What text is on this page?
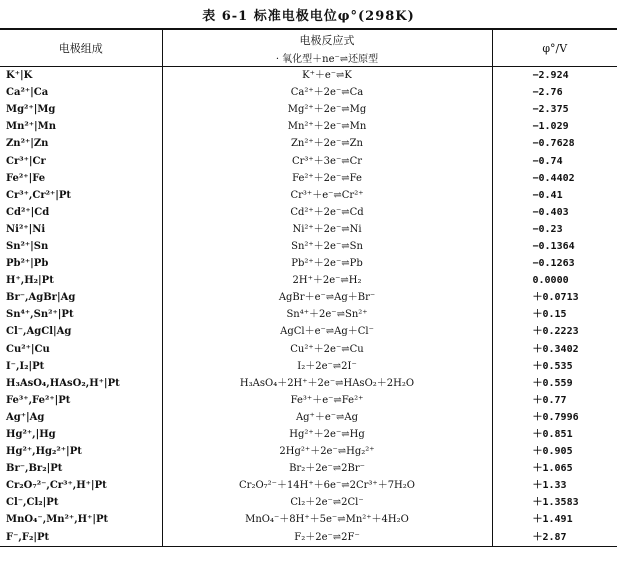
表 6-1 标准电极电位φ°(298K)
电极组成	电极反应式
· 氧化型＋ne⁻⇌还原型	φ°/V
K⁺|K	K⁺＋e⁻⇌K	−2.924
Ca²⁺|Ca	Ca²⁺＋2e⁻⇌Ca	−2.76
Mg²⁺|Mg	Mg²⁺＋2e⁻⇌Mg	−2.375
Mn²⁺|Mn	Mn²⁺＋2e⁻⇌Mn	−1.029
Zn²⁺|Zn	Zn²⁺＋2e⁻⇌Zn	−0.7628
Cr³⁺|Cr	Cr³⁺＋3e⁻⇌Cr	−0.74
Fe²⁺|Fe	Fe²⁺＋2e⁻⇌Fe	−0.4402
Cr³⁺,Cr²⁺|Pt	Cr³⁺＋e⁻⇌Cr²⁺	−0.41
Cd²⁺|Cd	Cd²⁺＋2e⁻⇌Cd	−0.403
Ni²⁺|Ni	Ni²⁺＋2e⁻⇌Ni	−0.23
Sn²⁺|Sn	Sn²⁺＋2e⁻⇌Sn	−0.1364
Pb²⁺|Pb	Pb²⁺＋2e⁻⇌Pb	−0.1263
H⁺,H₂|Pt	2H⁺＋2e⁻⇌H₂	0.0000
Br⁻,AgBr|Ag	AgBr＋e⁻⇌Ag＋Br⁻	＋0.0713
Sn⁴⁺,Sn²⁺|Pt	Sn⁴⁺＋2e⁻⇌Sn²⁺	＋0.15
Cl⁻,AgCl|Ag	AgCl＋e⁻⇌Ag＋Cl⁻	＋0.2223
Cu²⁺|Cu	Cu²⁺＋2e⁻⇌Cu	＋0.3402
I⁻,I₂|Pt	I₂＋2e⁻⇌2I⁻	＋0.535
H₃AsO₄,HAsO₂,H⁺|Pt	H₃AsO₄＋2H⁺＋2e⁻⇌HAsO₂＋2H₂O	＋0.559
Fe³⁺,Fe²⁺|Pt	Fe³⁺＋e⁻⇌Fe²⁺	＋0.77
Ag⁺|Ag	Ag⁺＋e⁻⇌Ag	＋0.7996
Hg²⁺,|Hg	Hg²⁺＋2e⁻⇌Hg	＋0.851
Hg²⁺,Hg₂²⁺|Pt	2Hg²⁺＋2e⁻⇌Hg₂²⁺	＋0.905
Br⁻,Br₂|Pt	Br₂＋2e⁻⇌2Br⁻	＋1.065
Cr₂O₇²⁻,Cr³⁺,H⁺|Pt	Cr₂O₇²⁻＋14H⁺＋6e⁻⇌2Cr³⁺＋7H₂O	＋1.33
Cl⁻,Cl₂|Pt	Cl₂＋2e⁻⇌2Cl⁻	＋1.3583
MnO₄⁻,Mn²⁺,H⁺|Pt	MnO₄⁻＋8H⁺＋5e⁻⇌Mn²⁺＋4H₂O	＋1.491
F⁻,F₂|Pt	F₂＋2e⁻⇌2F⁻	＋2.87
